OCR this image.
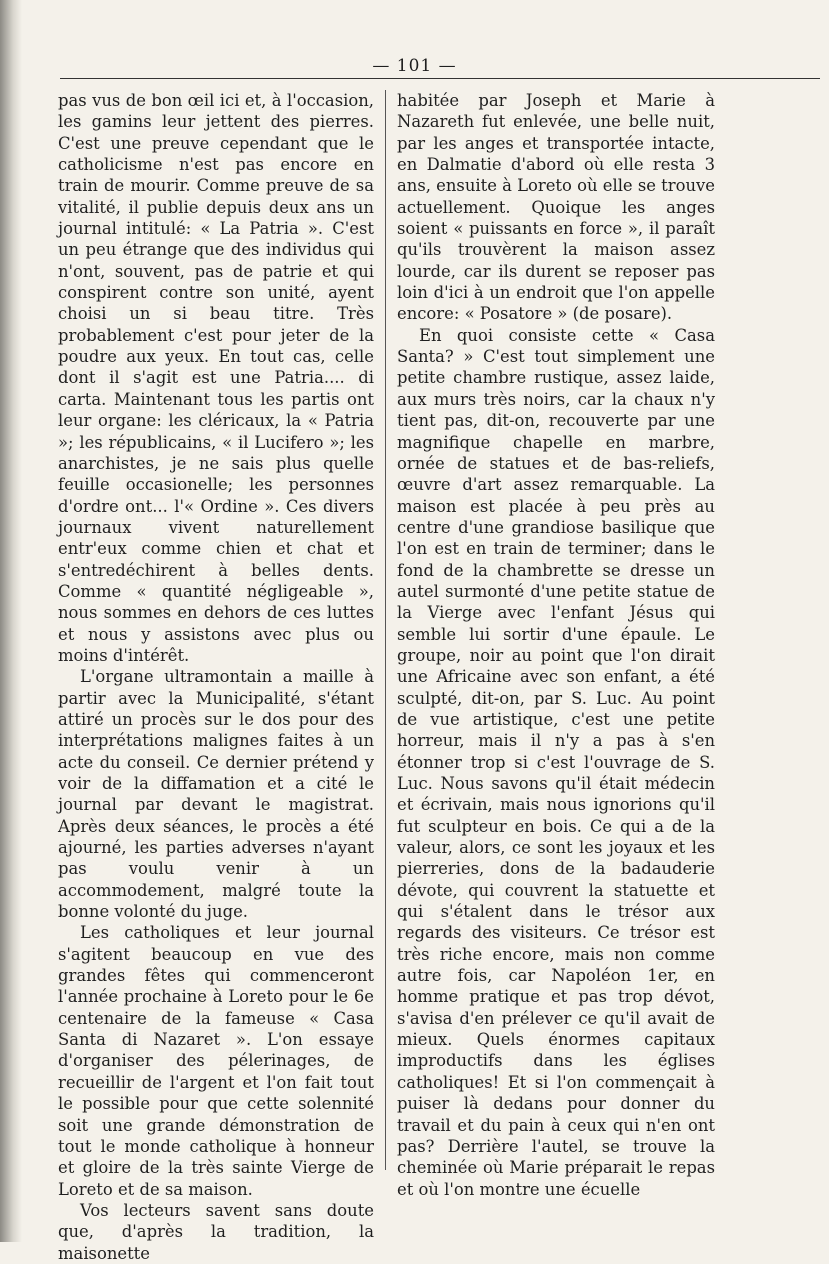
— 101 —

pas vus de bon œil ici et, à l'occasion, les gamins leur jettent des pierres. C'est une preuve cependant que le catholicisme n'est pas encore en train de mourir. Comme preuve de sa vitalité, il publie depuis deux ans un journal intitulé: « La Patria ». C'est un peu étrange que des individus qui n'ont, souvent, pas de patrie et qui conspirent contre son unité, ayent choisi un si beau titre. Très probablement c'est pour jeter de la poudre aux yeux. En tout cas, celle dont il s'agit est une Patria.... di carta. Maintenant tous les partis ont leur organe: les cléricaux, la « Patria »; les républicains, « il Lucifero »; les anarchistes, je ne sais plus quelle feuille occasionelle; les personnes d'ordre ont... l'« Ordine ». Ces divers journaux vivent naturellement entr'eux comme chien et chat et s'entredéchirent à belles dents. Comme « quantité négligeable », nous sommes en dehors de ces luttes et nous y assistons avec plus ou moins d'intérêt.

L'organe ultramontain a maille à partir avec la Municipalité, s'étant attiré un procès sur le dos pour des interprétations malignes faites à un acte du conseil. Ce dernier prétend y voir de la diffamation et a cité le journal par devant le magistrat. Après deux séances, le procès a été ajourné, les parties adverses n'ayant pas voulu venir à un accommodement, malgré toute la bonne volonté du juge.

Les catholiques et leur journal s'agitent beaucoup en vue des grandes fêtes qui commenceront l'année prochaine à Loreto pour le 6e centenaire de la fameuse « Casa Santa di Nazaret ». L'on essaye d'organiser des pélerinages, de recueillir de l'argent et l'on fait tout le possible pour que cette solennité soit une grande démonstration de tout le monde catholique à honneur et gloire de la très sainte Vierge de Loreto et de sa maison.

Vos lecteurs savent sans doute que, d'après la tradition, la maisonette

habitée par Joseph et Marie à Nazareth fut enlevée, une belle nuit, par les anges et transportée intacte, en Dalmatie d'abord où elle resta 3 ans, ensuite à Loreto où elle se trouve actuellement. Quoique les anges soient « puissants en force », il paraît qu'ils trouvèrent la maison assez lourde, car ils durent se reposer pas loin d'ici à un endroit que l'on appelle encore: « Posatore » (de posare).

En quoi consiste cette « Casa Santa? » C'est tout simplement une petite chambre rustique, assez laide, aux murs très noirs, car la chaux n'y tient pas, dit-on, recouverte par une magnifique chapelle en marbre, ornée de statues et de bas-reliefs, œuvre d'art assez remarquable. La maison est placée à peu près au centre d'une grandiose basilique que l'on est en train de terminer; dans le fond de la chambrette se dresse un autel surmonté d'une petite statue de la Vierge avec l'enfant Jésus qui semble lui sortir d'une épaule. Le groupe, noir au point que l'on dirait une Africaine avec son enfant, a été sculpté, dit-on, par S. Luc. Au point de vue artistique, c'est une petite horreur, mais il n'y a pas à s'en étonner trop si c'est l'ouvrage de S. Luc. Nous savons qu'il était médecin et écrivain, mais nous ignorions qu'il fut sculpteur en bois. Ce qui a de la valeur, alors, ce sont les joyaux et les pierreries, dons de la badauderie dévote, qui couvrent la statuette et qui s'étalent dans le trésor aux regards des visiteurs. Ce trésor est très riche encore, mais non comme autre fois, car Napoléon 1er, en homme pratique et pas trop dévot, s'avisa d'en prélever ce qu'il avait de mieux. Quels énormes capitaux improductifs dans les églises catholiques! Et si l'on commençait à puiser là dedans pour donner du travail et du pain à ceux qui n'en ont pas? Derrière l'autel, se trouve la cheminée où Marie préparait le repas et où l'on montre une écuelle
